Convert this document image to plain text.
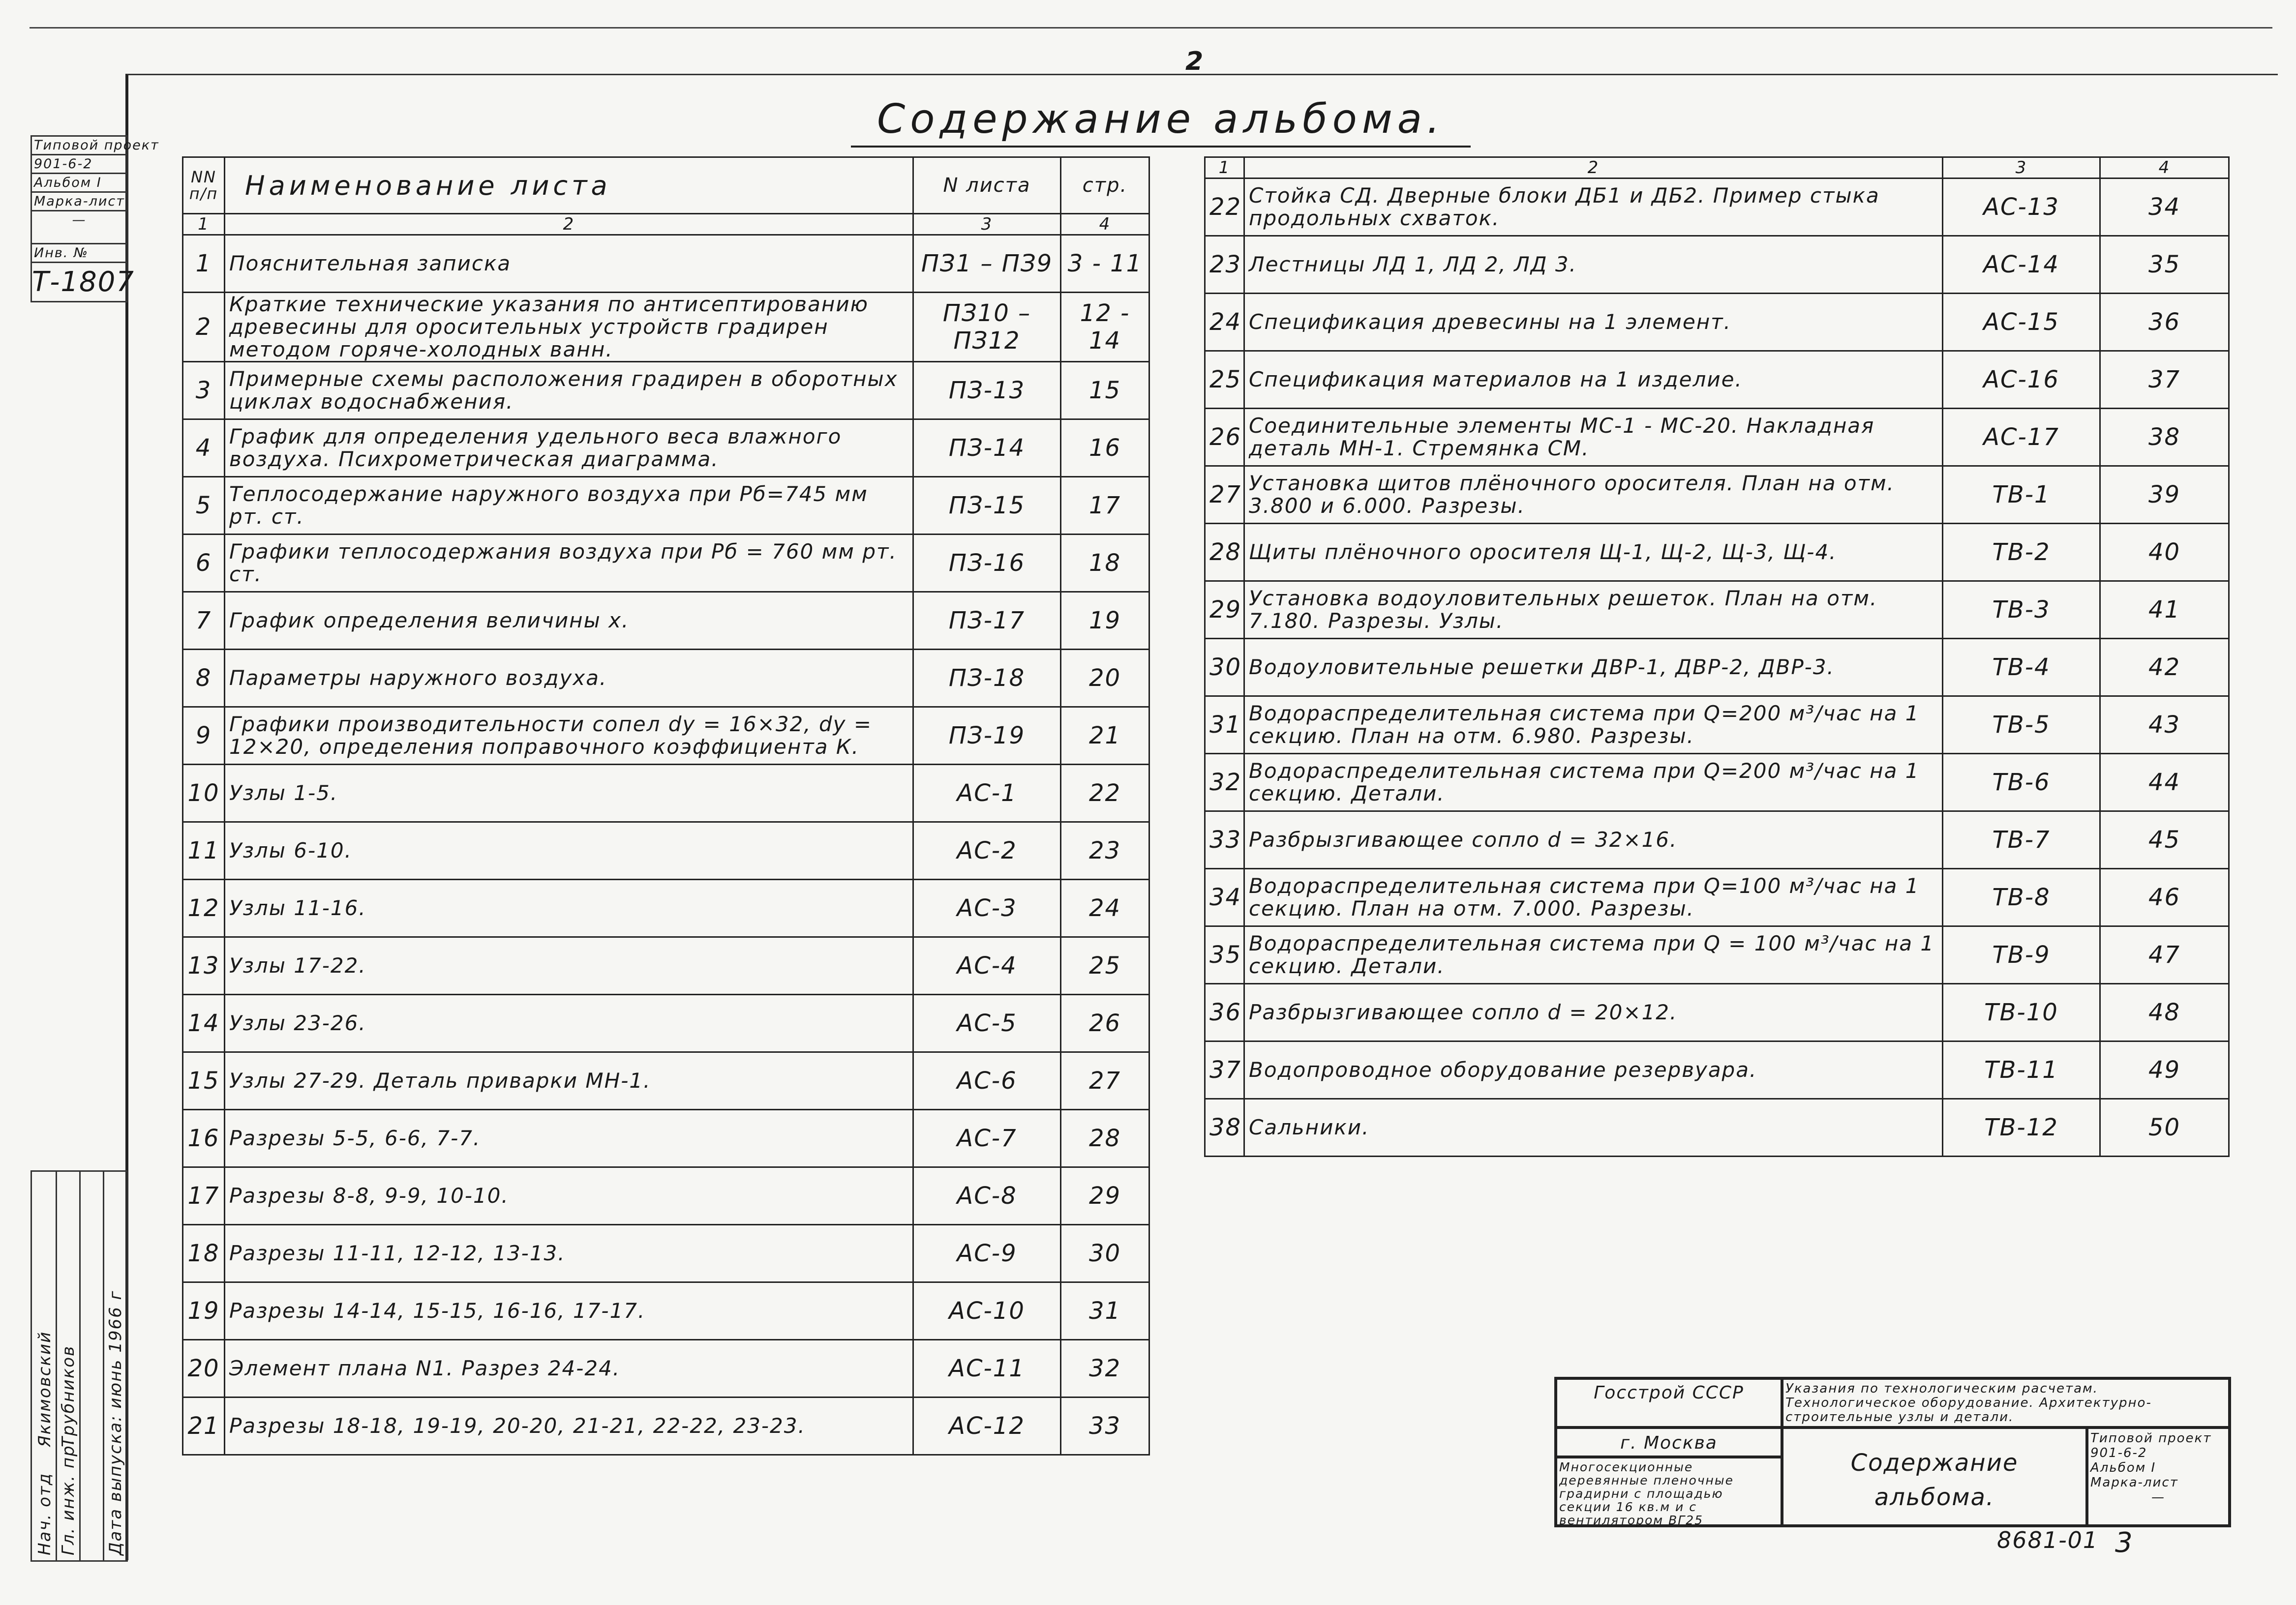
2
Содержание альбома.
Типовой проект
901-6-2
Альбом I
Марка-лист
—
Инв. №
Т-1807
Нач. отд
Якимовский
Гл. инж. пр.
Трубников Дата выпуска: июнь 1966 г
NN п/п	Наименование листа	N листа	стр.
1	2	3	4
1	Пояснительная записка	ПЗ1 – ПЗ9	3 - 11
2	Краткие технические указания по антисептированию древесины для оросительных устройств градирен методом горяче-холодных ванн.	ПЗ10 – ПЗ12	12 - 14
3	Примерные схемы расположения градирен в оборотных циклах водоснабжения.	ПЗ-13	15
4	График для определения удельного веса влажного воздуха. Психрометрическая диаграмма.	ПЗ-14	16
5	Теплосодержание наружного воздуха при Рб=745 мм рт. ст.	ПЗ-15	17
6	Графики теплосодержания воздуха при Рб = 760 мм рт. ст.	ПЗ-16	18
7	График определения величины х.	ПЗ-17	19
8	Параметры наружного воздуха.	ПЗ-18	20
9	Графики производительности сопел dy = 16×32, dy = 12×20, определения поправочного коэффициента К.	ПЗ-19	21
10	Узлы 1-5.	АС-1	22
11	Узлы 6-10.	АС-2	23
12	Узлы 11-16.	АС-3	24
13	Узлы 17-22.	АС-4	25
14	Узлы 23-26.	АС-5	26
15	Узлы 27-29. Деталь приварки МН-1.	АС-6	27
16	Разрезы 5-5, 6-6, 7-7.	АС-7	28
17	Разрезы 8-8, 9-9, 10-10.	АС-8	29
18	Разрезы 11-11, 12-12, 13-13.	АС-9	30
19	Разрезы 14-14, 15-15, 16-16, 17-17.	АС-10	31
20	Элемент плана N1. Разрез 24-24.	АС-11	32
21	Разрезы 18-18, 19-19, 20-20, 21-21, 22-22, 23-23.	АС-12	33
1	2	3	4
22	Стойка СД. Дверные блоки ДБ1 и ДБ2. Пример стыка продольных схваток.	АС-13	34
23	Лестницы ЛД 1, ЛД 2, ЛД 3.	АС-14	35
24	Спецификация древесины на 1 элемент.	АС-15	36
25	Спецификация материалов на 1 изделие.	АС-16	37
26	Соединительные элементы МС-1 - МС-20. Накладная деталь МН-1. Стремянка СМ.	АС-17	38
27	Установка щитов плёночного оросителя. План на отм. 3.800 и 6.000. Разрезы.	ТВ-1	39
28	Щиты плёночного оросителя Щ-1, Щ-2, Щ-3, Щ-4.	ТВ-2	40
29	Установка водоуловительных решеток. План на отм. 7.180. Разрезы. Узлы.	ТВ-3	41
30	Водоуловительные решетки ДВР-1, ДВР-2, ДВР-3.	ТВ-4	42
31	Водораспределительная система при Q=200 м³/час на 1 секцию. План на отм. 6.980. Разрезы.	ТВ-5	43
32	Водораспределительная система при Q=200 м³/час на 1 секцию. Детали.	ТВ-6	44
33	Разбрызгивающее сопло d = 32×16.	ТВ-7	45
34	Водораспределительная система при Q=100 м³/час на 1 секцию. План на отм. 7.000. Разрезы.	ТВ-8	46
35	Водораспределительная система при Q = 100 м³/час на 1 секцию. Детали.	ТВ-9	47
36	Разбрызгивающее сопло d = 20×12.	ТВ-10	48
37	Водопроводное оборудование резервуара.	ТВ-11	49
38	Сальники.	ТВ-12	50
Госстрой СССР
г. Москва
Многосекционные деревянные пленочные градирни с площадью секции 16 кв.м и с вентилятором ВГ25
Указания по технологическим расчетам. Технологическое оборудование. Архитектурно-строительные узлы и детали.
Содержание альбома.
Типовой проект
901-6-2
Альбом I
Марка-лист
—
8681-01 3
